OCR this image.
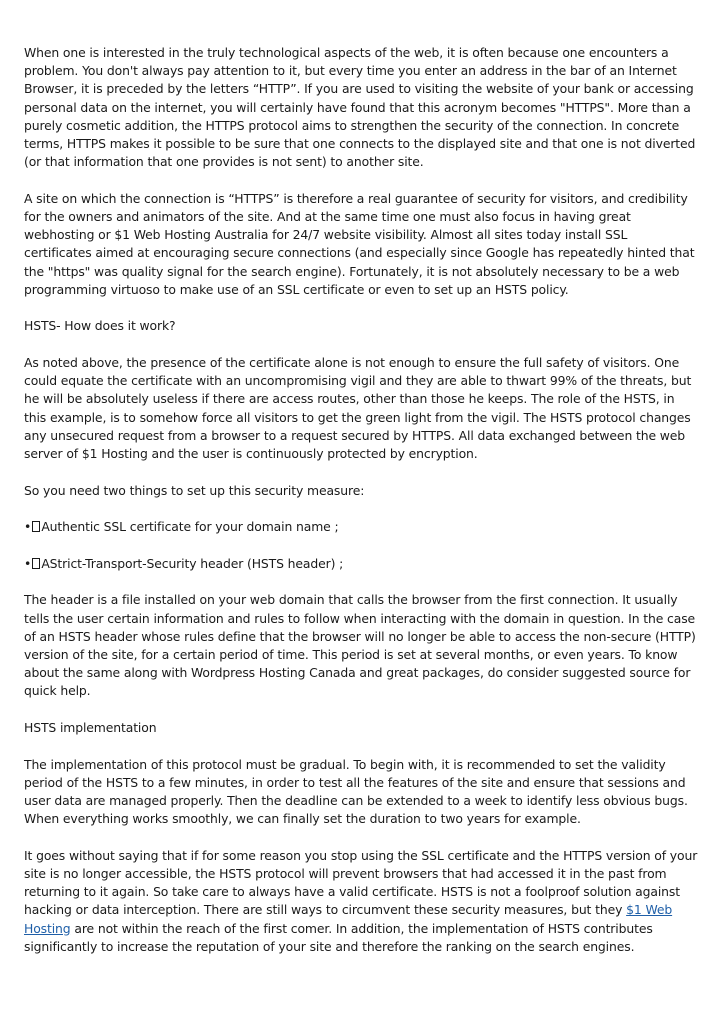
When one is interested in the truly technological aspects of the web, it is often because one encounters a problem. You don't always pay attention to it, but every time you enter an address in the bar of an Internet Browser, it is preceded by the letters “HTTP”. If you are used to visiting the website of your bank or accessing personal data on the internet, you will certainly have found that this acronym becomes "HTTPS". More than a purely cosmetic addition, the HTTPS protocol aims to strengthen the security of the connection. In concrete terms, HTTPS makes it possible to be sure that one connects to the displayed site and that one is not diverted (or that information that one provides is not sent) to another site.

A site on which the connection is “HTTPS” is therefore a real guarantee of security for visitors, and credibility for the owners and animators of the site. And at the same time one must also focus in having great webhosting or $1 Web Hosting Australia for 24/7 website visibility. Almost all sites today install SSL certificates aimed at encouraging secure connections (and especially since Google has repeatedly hinted that the "https" was quality signal for the search engine). Fortunately, it is not absolutely necessary to be a web programming virtuoso to make use of an SSL certificate or even to set up an HSTS policy.

HSTS- How does it work?

As noted above, the presence of the certificate alone is not enough to ensure the full safety of visitors. One could equate the certificate with an uncompromising vigil and they are able to thwart 99% of the threats, but he will be absolutely useless if there are access routes, other than those he keeps. The role of the HSTS, in this example, is to somehow force all visitors to get the green light from the vigil. The HSTS protocol changes any unsecured request from a browser to a request secured by HTTPS. All data exchanged between the web server of $1 Hosting and the user is continuously protected by encryption.

So you need two things to set up this security measure:

• Authentic SSL certificate for your domain name ;

• AStrict-Transport-Security header (HSTS header) ;

The header is a file installed on your web domain that calls the browser from the first connection. It usually tells the user certain information and rules to follow when interacting with the domain in question. In the case of an HSTS header whose rules define that the browser will no longer be able to access the non-secure (HTTP) version of the site, for a certain period of time. This period is set at several months, or even years. To know about the same along with Wordpress Hosting Canada and great packages, do consider suggested source for quick help.

HSTS implementation

The implementation of this protocol must be gradual. To begin with, it is recommended to set the validity period of the HSTS to a few minutes, in order to test all the features of the site and ensure that sessions and user data are managed properly. Then the deadline can be extended to a week to identify less obvious bugs. When everything works smoothly, we can finally set the duration to two years for example.

It goes without saying that if for some reason you stop using the SSL certificate and the HTTPS version of your site is no longer accessible, the HSTS protocol will prevent browsers that had accessed it in the past from returning to it again. So take care to always have a valid certificate. HSTS is not a foolproof solution against hacking or data interception. There are still ways to circumvent these security measures, but they $1 Web Hosting are not within the reach of the first comer. In addition, the implementation of HSTS contributes significantly to increase the reputation of your site and therefore the ranking on the search engines.
